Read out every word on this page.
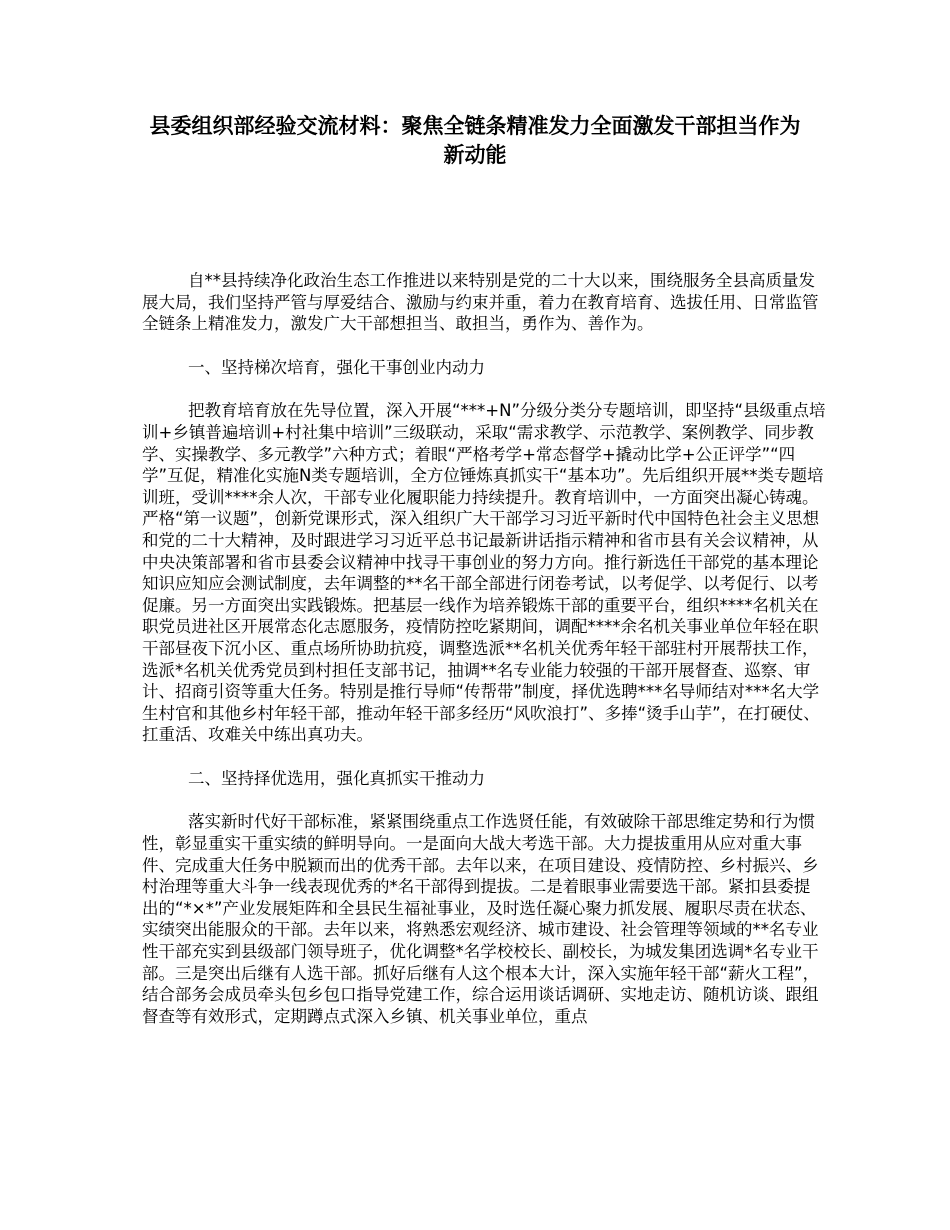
县委组织部经验交流材料：聚焦全链条精准发力全面激发干部担当作为新动能

自**县持续净化政治生态工作推进以来特别是党的二十大以来，围绕服务全县高质量发展大局，我们坚持严管与厚爱结合、激励与约束并重，着力在教育培育、选拔任用、日常监管全链条上精准发力，激发广大干部想担当、敢担当，勇作为、善作为。

一、坚持梯次培育，强化干事创业内动力

把教育培育放在先导位置，深入开展“***+N”分级分类分专题培训，即坚持“县级重点培训+乡镇普遍培训+村社集中培训”三级联动，采取“需求教学、示范教学、案例教学、同步教学、实操教学、多元教学”六种方式；着眼“严格考学+常态督学+撬动比学+公正评学”“四学”互促，精准化实施N类专题培训，全方位锤炼真抓实干“基本功”。先后组织开展**类专题培训班，受训****余人次，干部专业化履职能力持续提升。教育培训中，一方面突出凝心铸魂。严格“第一议题”，创新党课形式，深入组织广大干部学习习近平新时代中国特色社会主义思想和党的二十大精神，及时跟进学习习近平总书记最新讲话指示精神和省市县有关会议精神，从中央决策部署和省市县委会议精神中找寻干事创业的努力方向。推行新选任干部党的基本理论知识应知应会测试制度，去年调整的**名干部全部进行闭卷考试，以考促学、以考促行、以考促廉。另一方面突出实践锻炼。把基层一线作为培养锻炼干部的重要平台，组织****名机关在职党员进社区开展常态化志愿服务，疫情防控吃紧期间，调配****余名机关事业单位年轻在职干部昼夜下沉小区、重点场所协助抗疫，调整选派**名机关优秀年轻干部驻村开展帮扶工作，选派*名机关优秀党员到村担任支部书记，抽调**名专业能力较强的干部开展督查、巡察、审计、招商引资等重大任务。特别是推行导师“传帮带”制度，择优选聘***名导师结对***名大学生村官和其他乡村年轻干部，推动年轻干部多经历“风吹浪打”、多捧“烫手山芋”，在打硬仗、扛重活、攻难关中练出真功夫。

二、坚持择优选用，强化真抓实干推动力

落实新时代好干部标准，紧紧围绕重点工作选贤任能，有效破除干部思维定势和行为惯性，彰显重实干重实绩的鲜明导向。一是面向大战大考选干部。大力提拔重用从应对重大事件、完成重大任务中脱颖而出的优秀干部。去年以来，在项目建设、疫情防控、乡村振兴、乡村治理等重大斗争一线表现优秀的*名干部得到提拔。二是着眼事业需要选干部。紧扣县委提出的“*×*”产业发展矩阵和全县民生福祉事业，及时选任凝心聚力抓发展、履职尽责在状态、实绩突出能服众的干部。去年以来，将熟悉宏观经济、城市建设、社会管理等领域的**名专业性干部充实到县级部门领导班子，优化调整*名学校校长、副校长，为城发集团选调*名专业干部。三是突出后继有人选干部。抓好后继有人这个根本大计，深入实施年轻干部“薪火工程”，结合部务会成员牵头包乡包口指导党建工作，综合运用谈话调研、实地走访、随机访谈、跟组督查等有效形式，定期蹲点式深入乡镇、机关事业单位，重点
